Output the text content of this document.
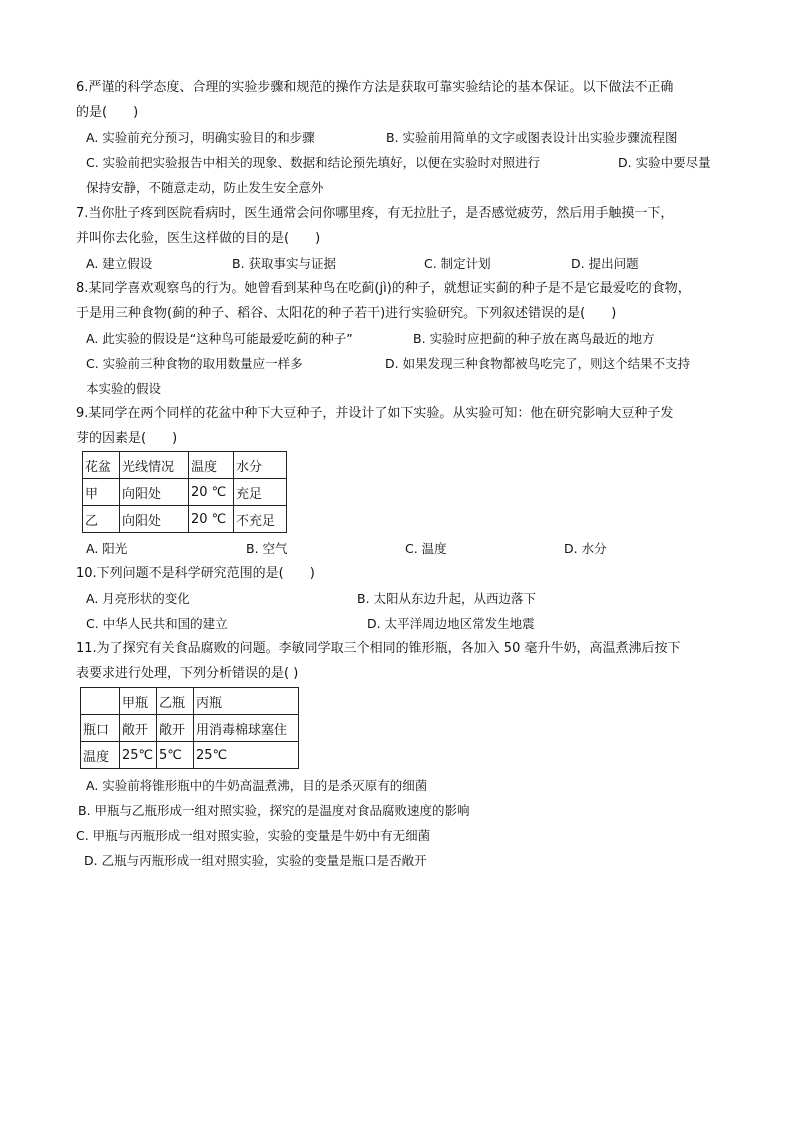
6.严谨的科学态度、合理的实验步骤和规范的操作方法是获取可靠实验结论的基本保证。以下做法不正确
的是(　　)
A. 实验前充分预习，明确实验目的和步骤	B. 实验前用简单的文字或图表设计出实验步骤流程图
C. 实验前把实验报告中相关的现象、数据和结论预先填好，以便在实验时对照进行	D. 实验中要尽量
保持安静，不随意走动，防止发生安全意外
7.当你肚子疼到医院看病时，医生通常会问你哪里疼，有无拉肚子，是否感觉疲劳，然后用手触摸一下，
并叫你去化验，医生这样做的目的是(　　)
A. 建立假设	B. 获取事实与证据	C. 制定计划	D. 提出问题
8.某同学喜欢观察鸟的行为。她曾看到某种鸟在吃蓟(jì)的种子，就想证实蓟的种子是不是它最爱吃的食物，
于是用三种食物(蓟的种子、稻谷、太阳花的种子若干)进行实验研究。下列叙述错误的是(　　)
A. 此实验的假设是“这种鸟可能最爱吃蓟的种子”	B. 实验时应把蓟的种子放在离鸟最近的地方
C. 实验前三种食物的取用数量应一样多	D. 如果发现三种食物都被鸟吃完了，则这个结果不支持
本实验的假设
9.某同学在两个同样的花盆中种下大豆种子，并设计了如下实验。从实验可知：他在研究影响大豆种子发
芽的因素是(　　)
花盆	光线情况	温度	水分
甲	向阳处	20 ℃	充足
乙	向阳处	20 ℃	不充足
A. 阳光	B. 空气	C. 温度	D. 水分
10.下列问题不是科学研究范围的是(　　)
A. 月亮形状的变化	B. 太阳从东边升起，从西边落下
C. 中华人民共和国的建立	D. 太平洋周边地区常发生地震
11.为了探究有关食品腐败的问题。李敏同学取三个相同的锥形瓶，各加入 50 毫升牛奶，高温煮沸后按下
表要求进行处理，下列分析错误的是( )
	甲瓶	乙瓶	丙瓶
瓶口	敞开	敞开	用消毒棉球塞住
温度	25℃	5℃	25℃
A. 实验前将锥形瓶中的牛奶高温煮沸，目的是杀灭原有的细菌
B. 甲瓶与乙瓶形成一组对照实验，探究的是温度对食品腐败速度的影响
C. 甲瓶与丙瓶形成一组对照实验，实验的变量是牛奶中有无细菌
D. 乙瓶与丙瓶形成一组对照实验，实验的变量是瓶口是否敞开
